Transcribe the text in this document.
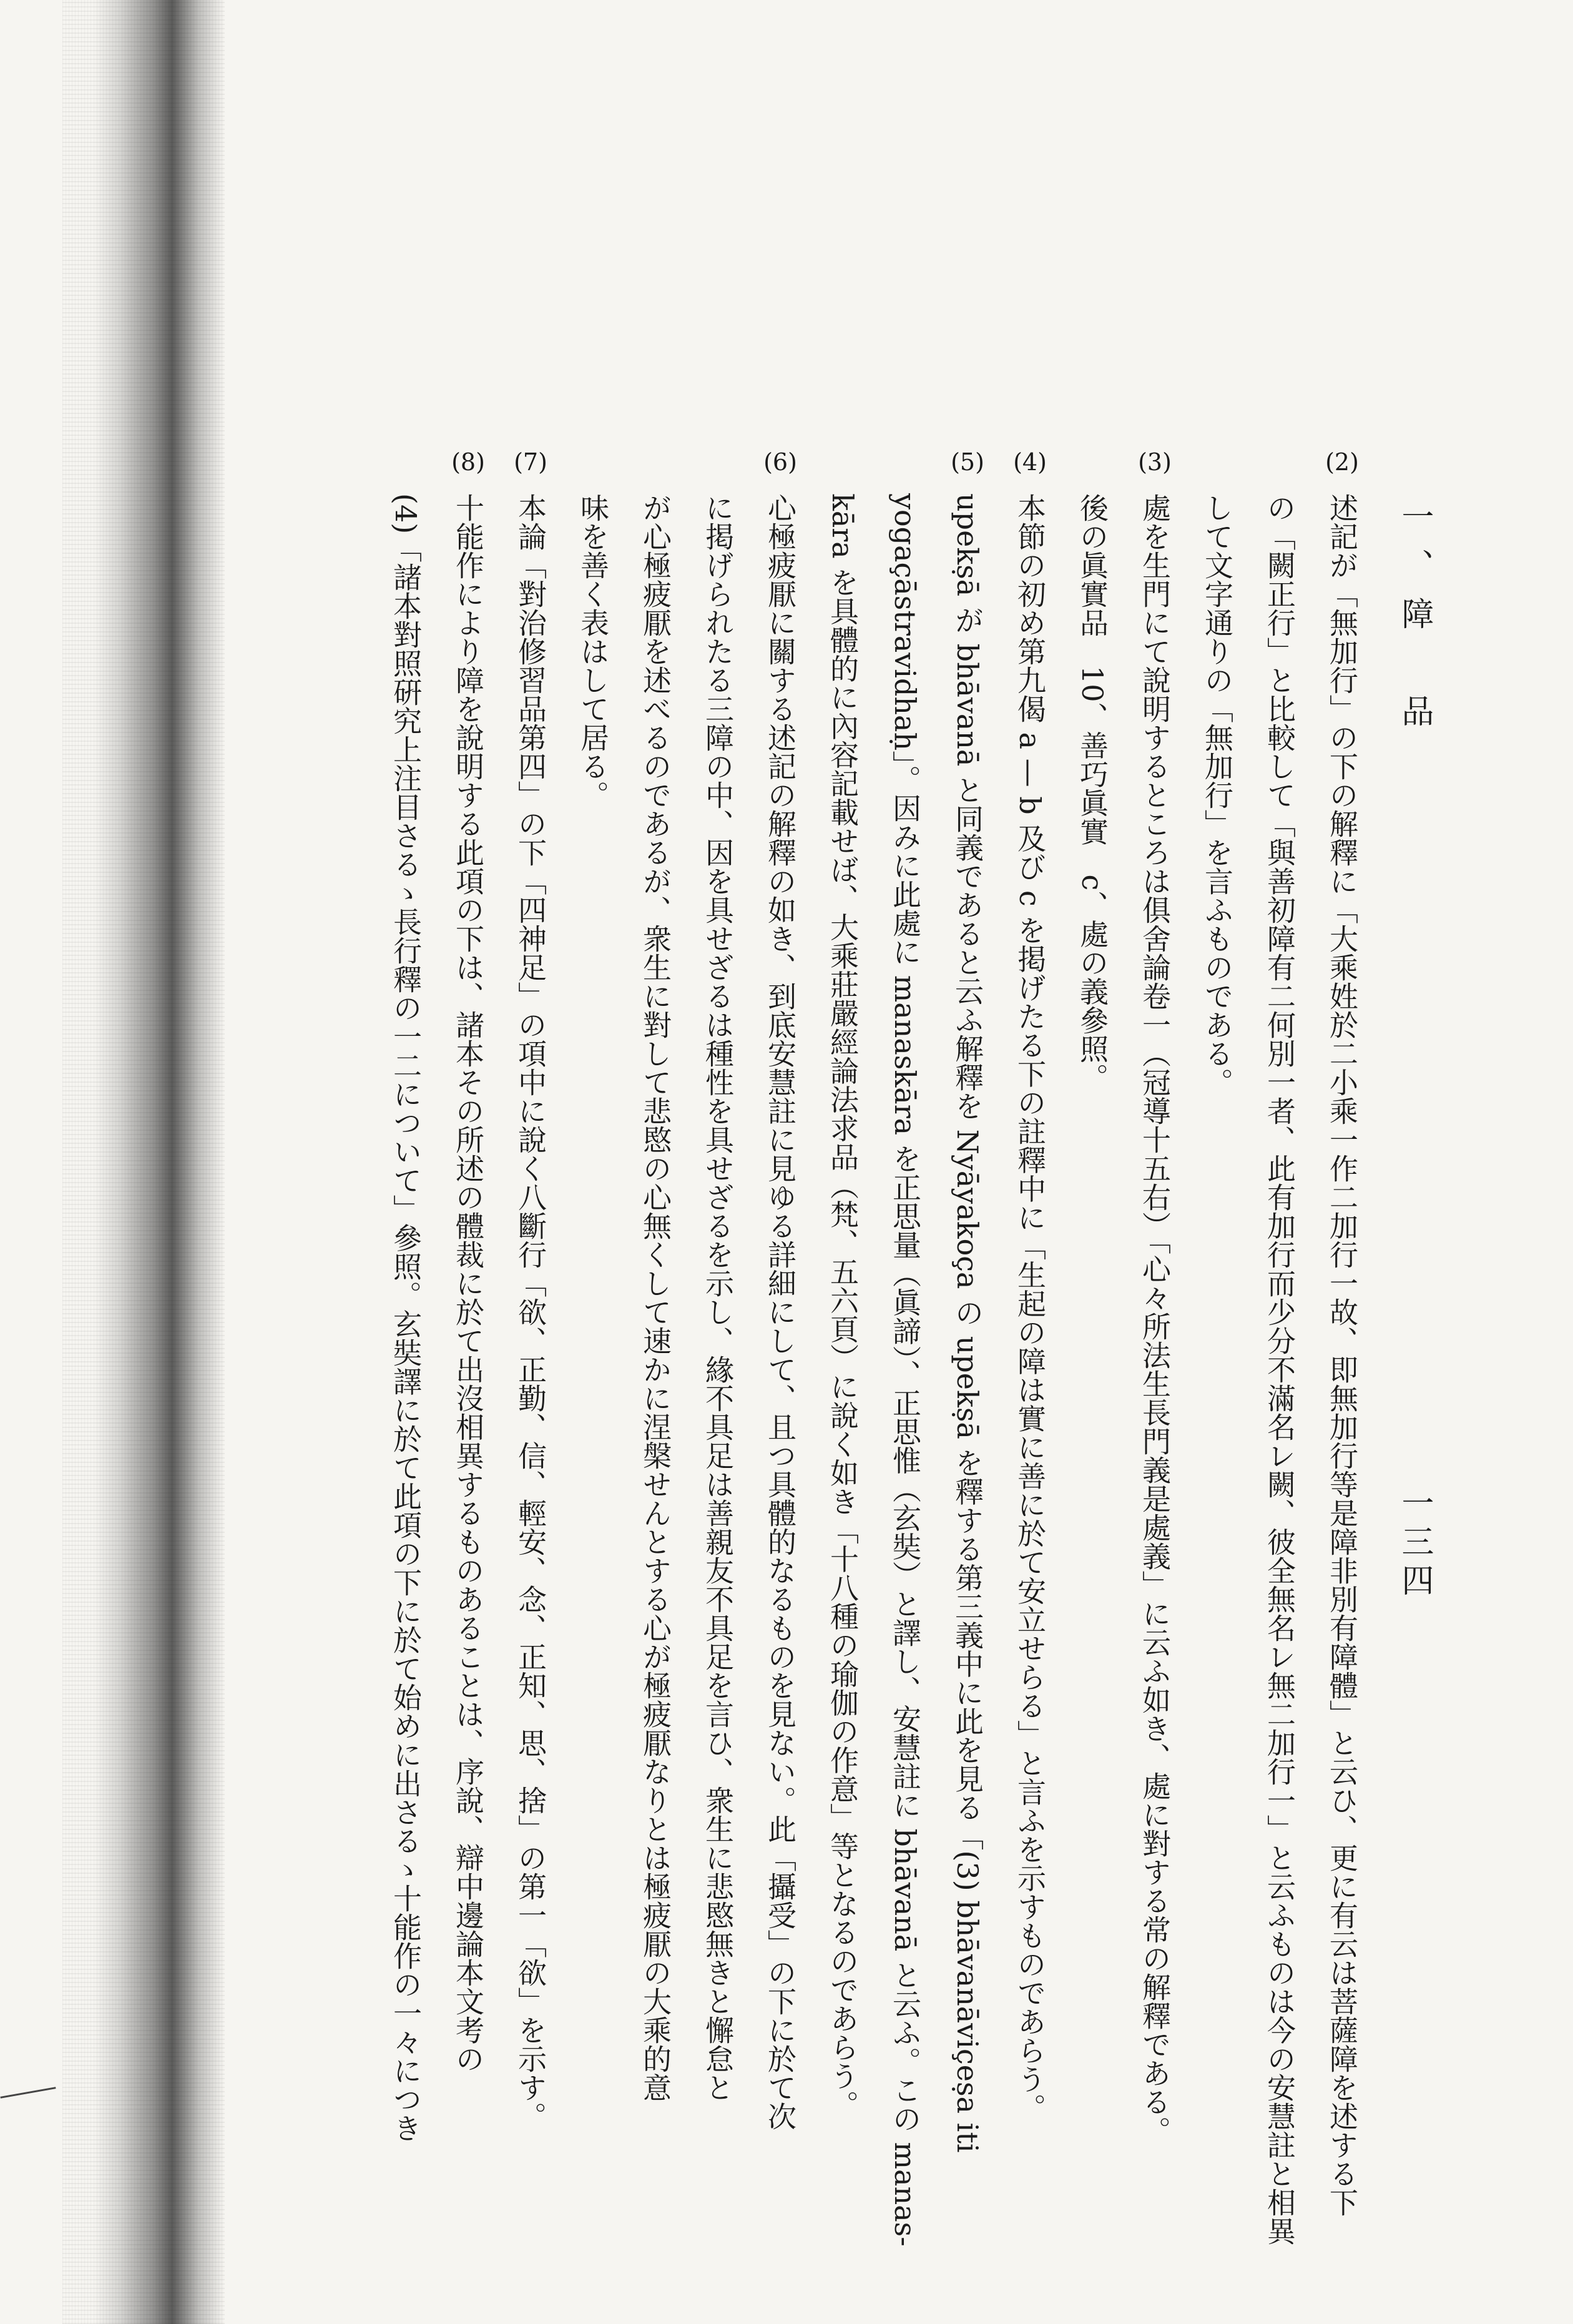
一、障　品
一三四
(2)
述記が「無加行」の下の解釋に「大乘姓於二小乘一作二加行一故、即無加行等是障非別有障體」と云ひ、更に有云は菩薩障を述する下
の「闕正行」と比較して「與善初障有二何別一者、此有加行而少分不滿名レ闕、彼全無名レ無二加行一」と云ふものは今の安慧註と相異
して文字通りの「無加行」を言ふものである。
(3)
處を生門にて說明するところは俱舍論卷一（冠導十五右）「心々所法生長門義是處義」に云ふ如き、處に對する常の解釋である。
後の眞實品　10、善巧眞實　c、處の義參照。
(4)
本節の初め第九偈 a — b 及び c を掲げたる下の註釋中に「生起の障は實に善に於て安立せらる」と言ふを示すものであらう。
(5)
upekṣā が bhāvanā と同義であると云ふ解釋を Nyāyakoça の upekṣā を釋する第三義中に此を見る「(3) bhāvanāviçeṣa iti
yogaçāstravidhaḥ」。因みに此處に manaskāra を正思量（眞諦）、正思惟（玄奘）と譯し、安慧註に bhāvanā と云ふ。この manas-
kāra を具體的に內容記載せば、大乘莊嚴經論法求品（梵、五六頁）に說く如き「十八種の瑜伽の作意」等となるのであらう。
(6)
心極疲厭に關する述記の解釋の如き、到底安慧註に見ゆる詳細にして、且つ具體的なるものを見ない。此「攝受」の下に於て次
に掲げられたる三障の中、因を具せざるは種性を具せざるを示し、緣不具足は善親友不具足を言ひ、衆生に悲愍無きと懈怠と
が心極疲厭を述べるのであるが、衆生に對して悲愍の心無くして速かに涅槃せんとする心が極疲厭なりとは極疲厭の大乘的意
味を善く表はして居る。
(7)
本論「對治修習品第四」の下「四神足」の項中に說く八斷行「欲、正勤、信、輕安、念、正知、思、捨」の第一「欲」を示す。
(8)
十能作により障を說明する此項の下は、諸本その所述の體裁に於て出沒相異するものあることは、序說、辯中邊論本文考の
(4)「諸本對照硏究上注目さるゝ長行釋の一二について」參照。玄奘譯に於て此項の下に於て始めに出さるゝ十能作の一々につき
